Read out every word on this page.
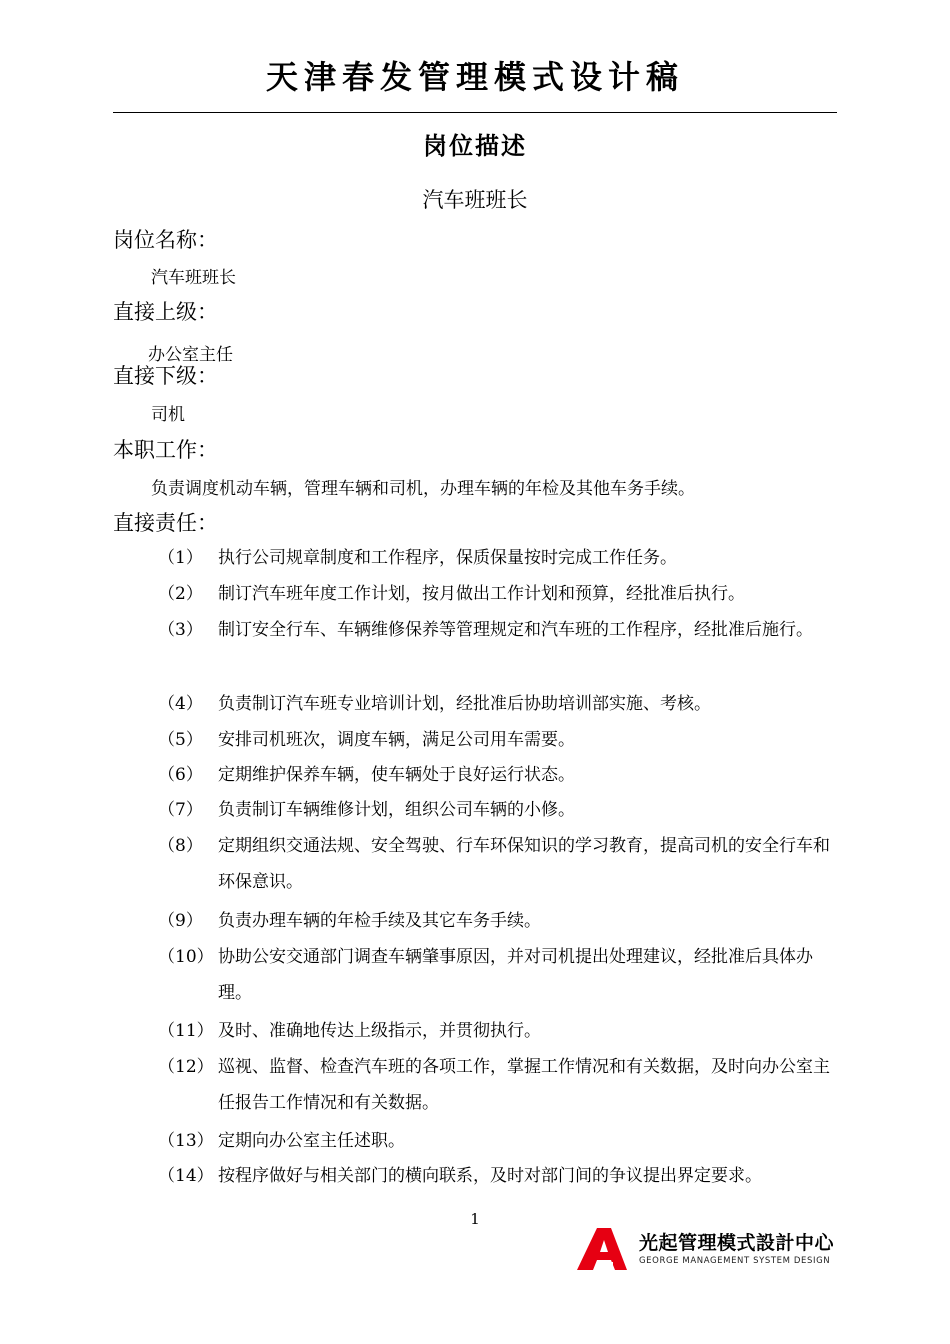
天津春发管理模式设计稿
岗位描述
汽车班班长
岗位名称：
汽车班班长
直接上级：
办公室主任
直接下级：
司机
本职工作：
负责调度机动车辆，管理车辆和司机，办理车辆的年检及其他车务手续。
直接责任：
（1） 执行公司规章制度和工作程序，保质保量按时完成工作任务。
（2） 制订汽车班年度工作计划，按月做出工作计划和预算，经批准后执行。
（3） 制订安全行车、车辆维修保养等管理规定和汽车班的工作程序，经批准后施行。
（4） 负责制订汽车班专业培训计划，经批准后协助培训部实施、考核。
（5） 安排司机班次，调度车辆，满足公司用车需要。
（6） 定期维护保养车辆，使车辆处于良好运行状态。
（7） 负责制订车辆维修计划，组织公司车辆的小修。
（8） 定期组织交通法规、安全驾驶、行车环保知识的学习教育，提高司机的安全行车和环保意识。
（9） 负责办理车辆的年检手续及其它车务手续。
（10） 协助公安交通部门调查车辆肇事原因，并对司机提出处理建议，经批准后具体办理。
（11） 及时、准确地传达上级指示，并贯彻执行。
（12） 巡视、监督、检查汽车班的各项工作，掌握工作情况和有关数据，及时向办公室主任报告工作情况和有关数据。
（13） 定期向办公室主任述职。
（14） 按程序做好与相关部门的横向联系，及时对部门间的争议提出界定要求。
1
光起管理模式設計中心
GEORGE MANAGEMENT SYSTEM DESIGN
